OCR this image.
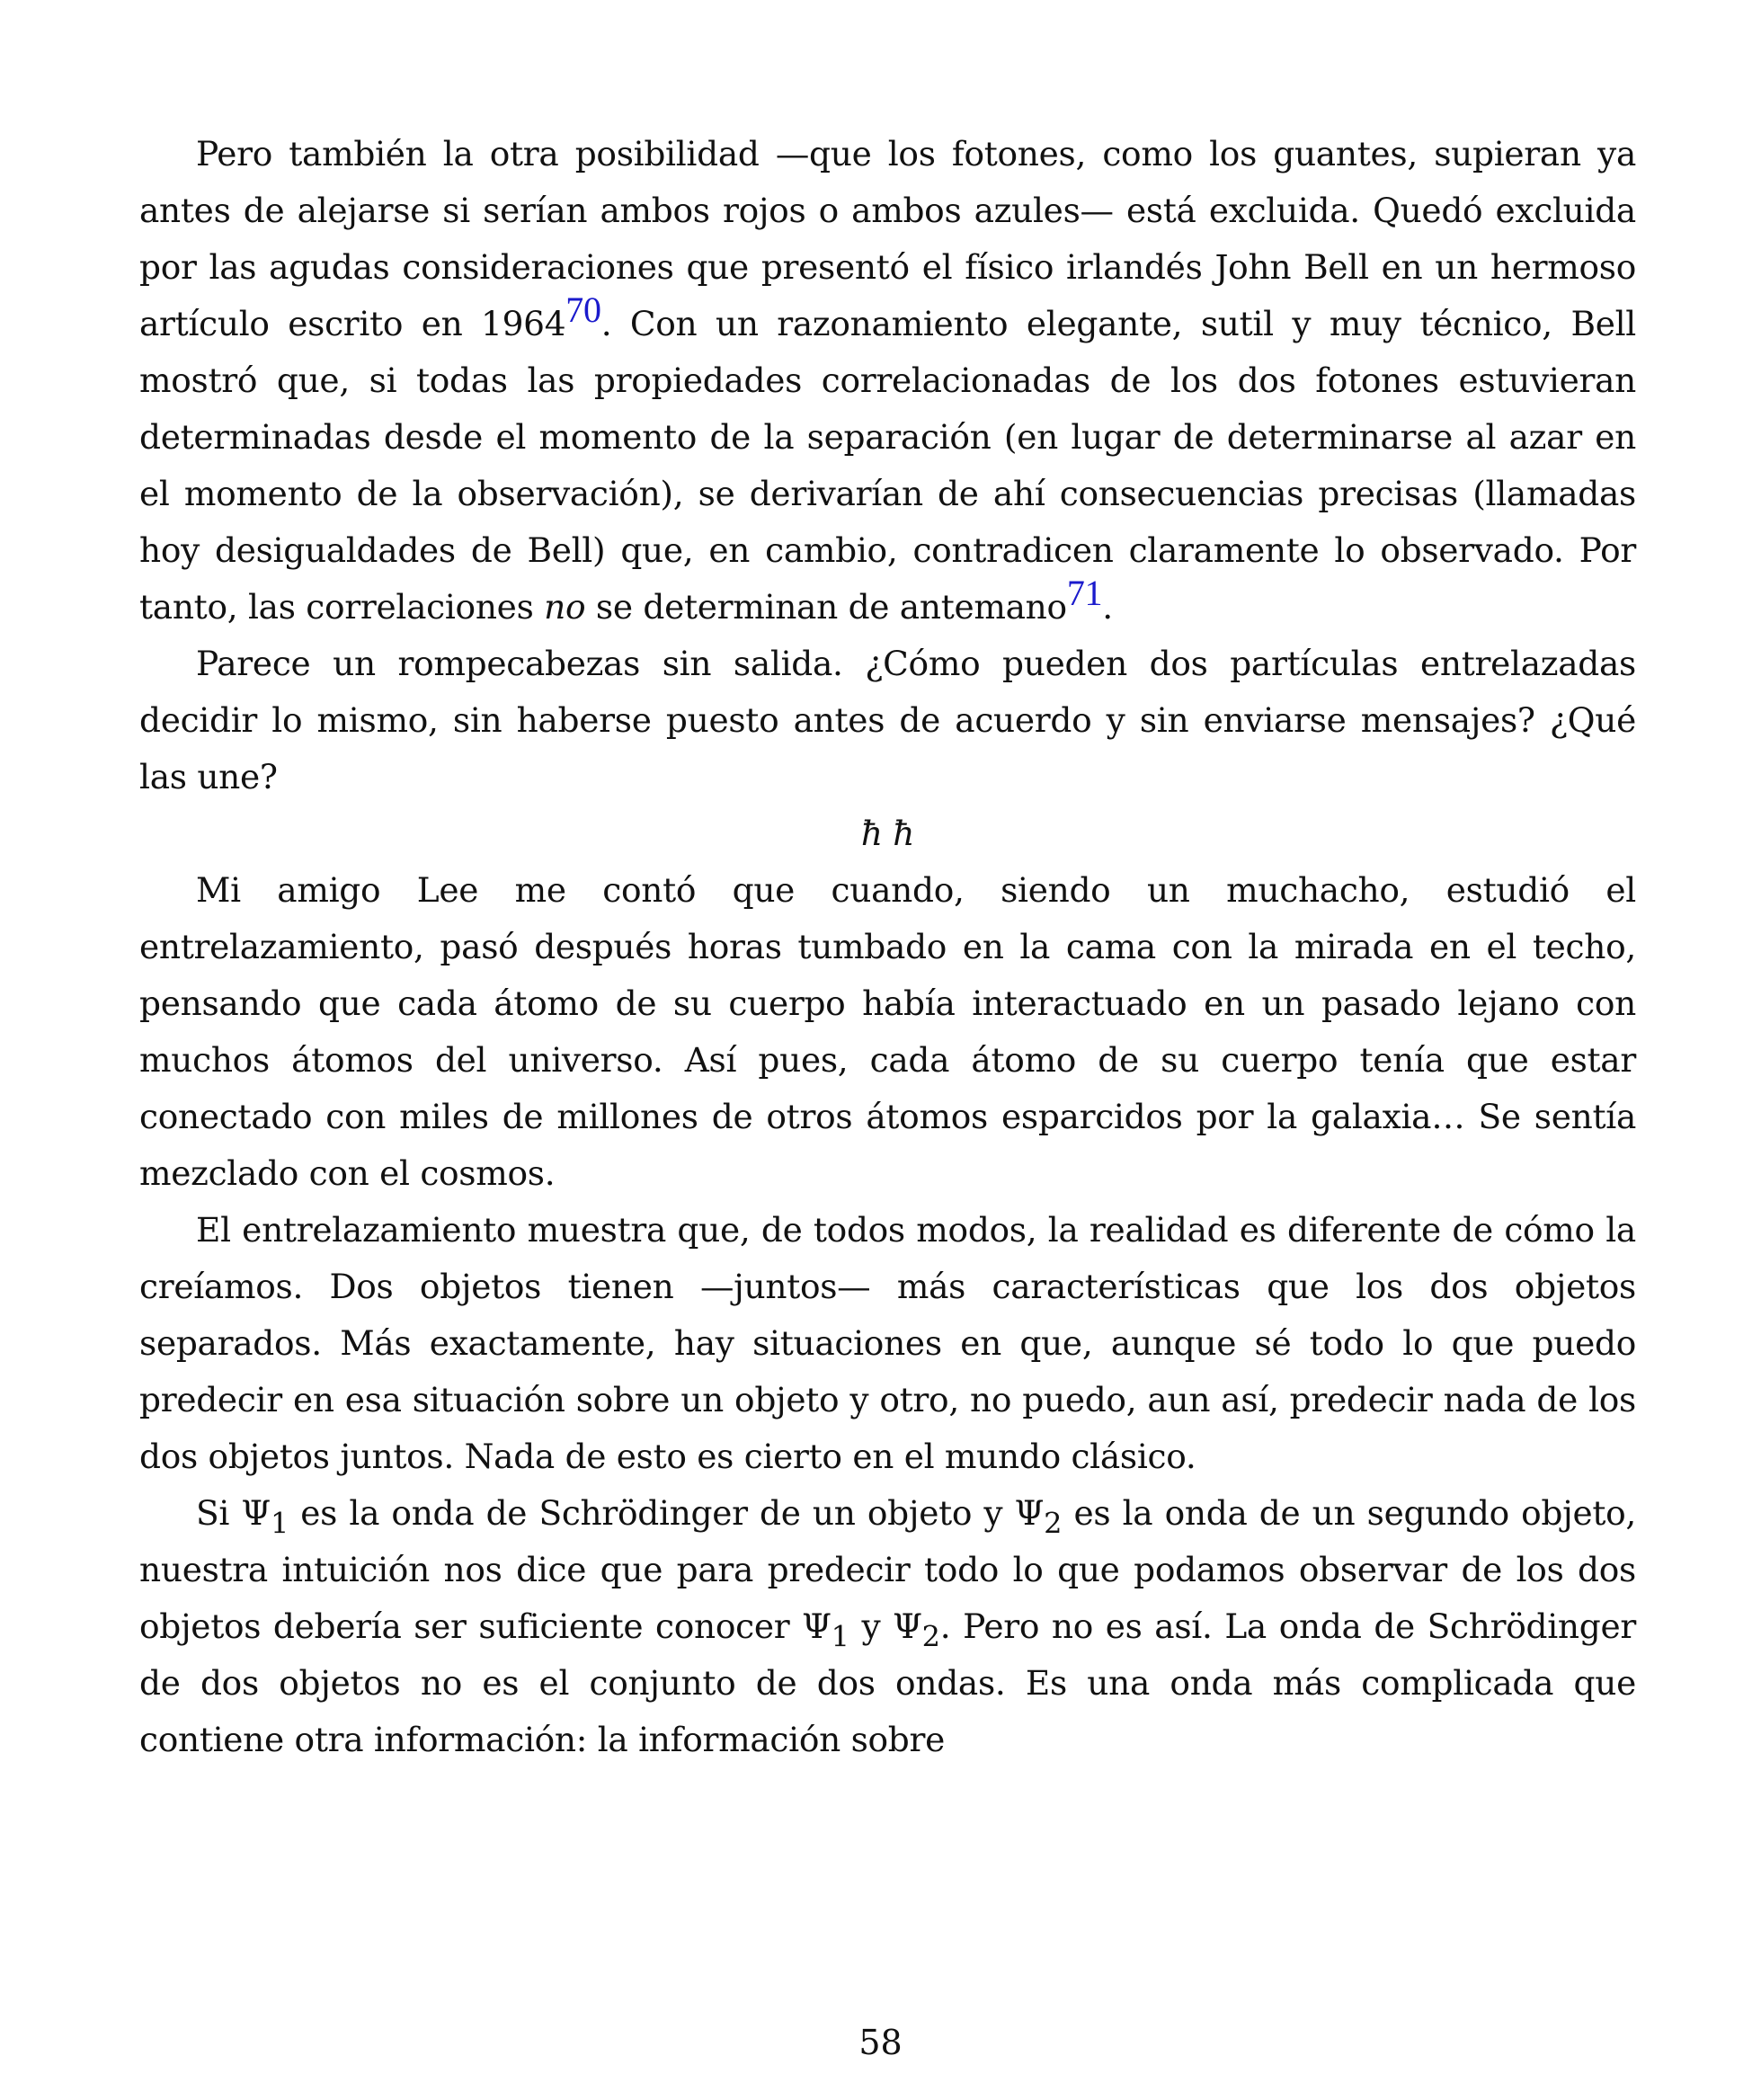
Pero también la otra posibilidad —que los fotones, como los guantes, supieran ya antes de alejarse si serían ambos rojos o ambos azules— está excluida. Quedó excluida por las agudas consideraciones que presentó el físico irlandés John Bell en un hermoso artículo escrito en 196470. Con un razonamiento elegante, sutil y muy técnico, Bell mostró que, si todas las propiedades correlacionadas de los dos fotones estuvieran determinadas desde el momento de la separación (en lugar de determinarse al azar en el momento de la observación), se derivarían de ahí consecuencias precisas (llamadas hoy desigualdades de Bell) que, en cambio, contradicen claramente lo observado. Por tanto, las correlaciones no se determinan de antemano71.

Parece un rompecabezas sin salida. ¿Cómo pueden dos partículas entrelazadas decidir lo mismo, sin haberse puesto antes de acuerdo y sin enviarse mensajes? ¿Qué las une?

ħ ħ

Mi amigo Lee me contó que cuando, siendo un muchacho, estudió el entrelazamiento, pasó después horas tumbado en la cama con la mirada en el techo, pensando que cada átomo de su cuerpo había interactuado en un pasado lejano con muchos átomos del universo. Así pues, cada átomo de su cuerpo tenía que estar conectado con miles de millones de otros átomos esparcidos por la galaxia… Se sentía mezclado con el cosmos.

El entrelazamiento muestra que, de todos modos, la realidad es diferente de cómo la creíamos. Dos objetos tienen —juntos— más características que los dos objetos separados. Más exactamente, hay situaciones en que, aunque sé todo lo que puedo predecir en esa situación sobre un objeto y otro, no puedo, aun así, predecir nada de los dos objetos juntos. Nada de esto es cierto en el mundo clásico.

Si Ψ1 es la onda de Schrödinger de un objeto y Ψ2 es la onda de un segundo objeto, nuestra intuición nos dice que para predecir todo lo que podamos observar de los dos objetos debería ser suficiente conocer Ψ1 y Ψ2. Pero no es así. La onda de Schrödinger de dos objetos no es el conjunto de dos ondas. Es una onda más complicada que contiene otra información: la información sobre

58
